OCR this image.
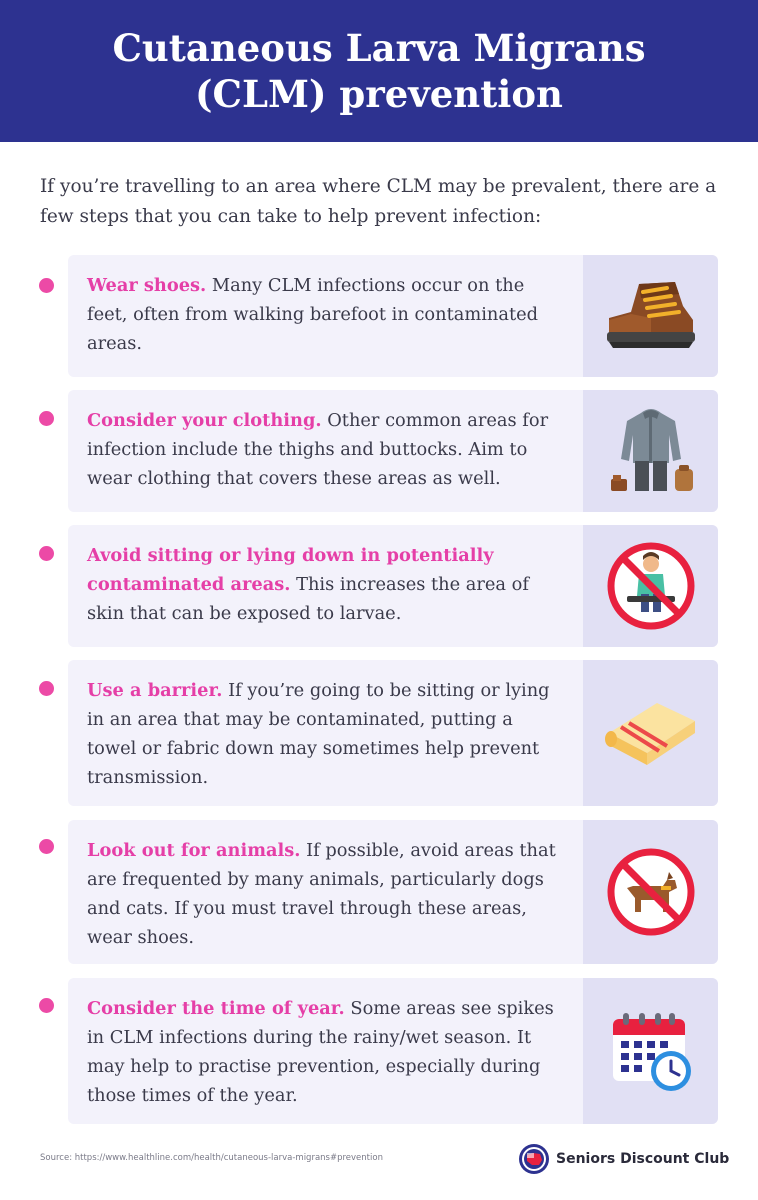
Cutaneous Larva Migrans (CLM) prevention

If you’re travelling to an area where CLM may be prevalent, there are a few steps that you can take to help prevent infection:

Wear shoes. Many CLM infections occur on the feet, often from walking barefoot in contaminated areas.

Consider your clothing. Other common areas for infection include the thighs and buttocks. Aim to wear clothing that covers these areas as well.

Avoid sitting or lying down in potentially contaminated areas. This increases the area of skin that can be exposed to larvae.

Use a barrier. If you’re going to be sitting or lying in an area that may be contaminated, putting a towel or fabric down may sometimes help prevent transmission.

Look out for animals. If possible, avoid areas that are frequented by many animals, particularly dogs and cats. If you must travel through these areas, wear shoes.

Consider the time of year. Some areas see spikes in CLM infections during the rainy/wet season. It may help to practise prevention, especially during those times of the year.

Source: https://www.healthline.com/health/cutaneous-larva-migrans#prevention	Seniors Discount Club
